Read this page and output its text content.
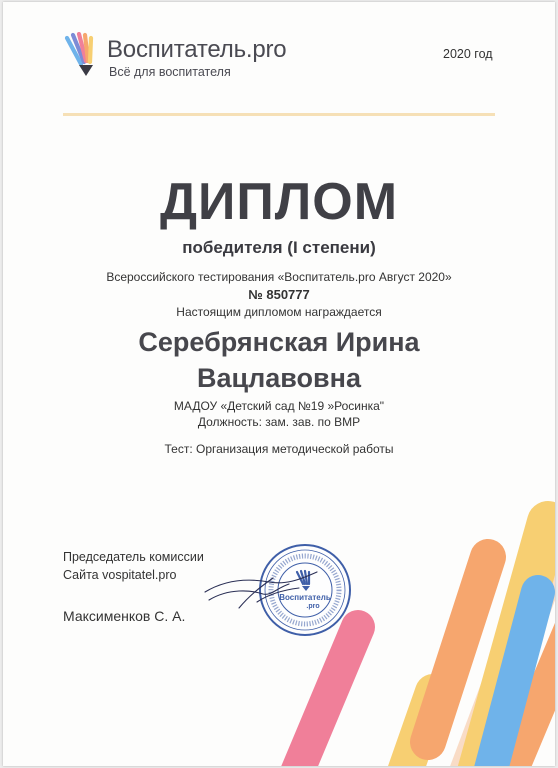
Воспитатель.pro
Всё для воспитателя
2020 год
ДИПЛОМ
победителя (I степени)
Всероссийского тестирования «Воспитатель.pro Август 2020»
№ 850777
Настоящим дипломом награждается
Серебрянская Ирина
Вацлавовна
МАДОУ «Детский сад №19 »Росинка"
Должность: зам. зав. по ВМР
Тест: Организация методической работы
Председатель комиссии
Сайта vospitatel.pro
Максименков С. А.
Воспитатель
.pro
